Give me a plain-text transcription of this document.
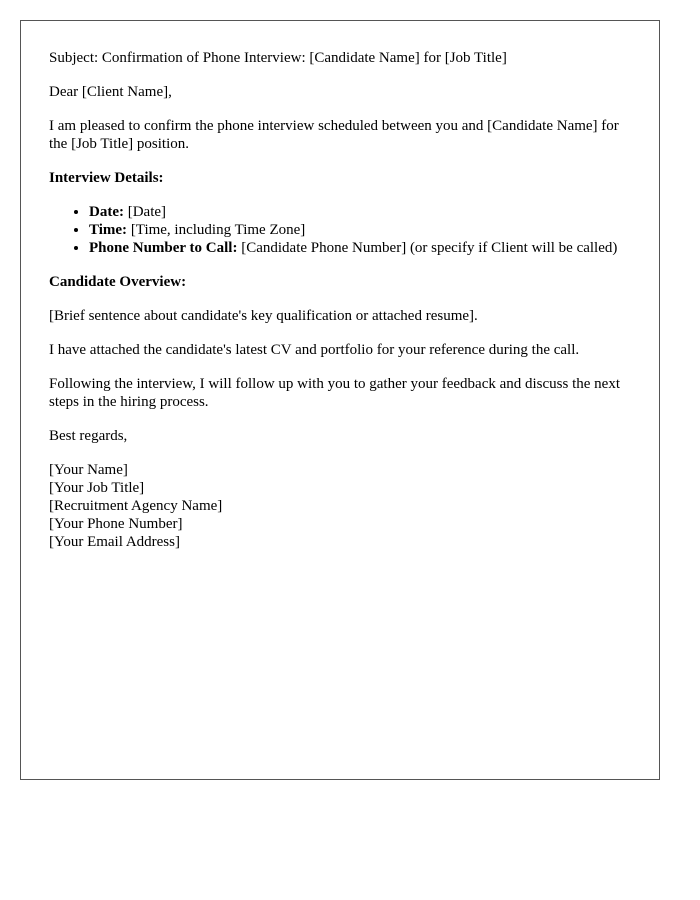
Subject: Confirmation of Phone Interview: [Candidate Name] for [Job Title]

Dear [Client Name],

I am pleased to confirm the phone interview scheduled between you and [Candidate Name] for the [Job Title] position.

Interview Details:

• Date: [Date]
• Time: [Time, including Time Zone]
• Phone Number to Call: [Candidate Phone Number] (or specify if Client will be called)

Candidate Overview:

[Brief sentence about candidate's key qualification or attached resume].

I have attached the candidate's latest CV and portfolio for your reference during the call.

Following the interview, I will follow up with you to gather your feedback and discuss the next steps in the hiring process.

Best regards,

[Your Name]
[Your Job Title]
[Recruitment Agency Name]
[Your Phone Number]
[Your Email Address]
